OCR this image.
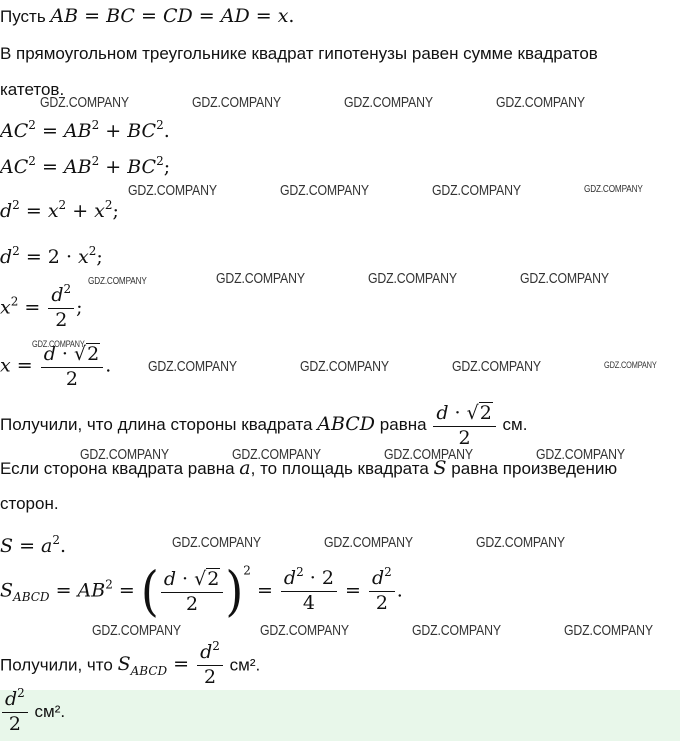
Пусть AB = BC = CD = AD = x.
В прямоугольном треугольнике квадрат гипотенузы равен сумме квадратов
катетов.
$AC^2 = AB^2 + BC^2$.
$AC^2 = AB^2 + BC^2$;
$d^2 = x^2 + x^2$;
$d^2 = 2 \cdot x^2$;
$x^2 = \frac{d^2}{2}$ ;
$x = \frac{d \cdot √2}{2}$ .
Получили, что длина стороны квадрата ABCD равна $\frac{d \cdot √2}{2}$ см.
Если сторона квадрата равна a, то площадь квадрата S равна произведению
сторон.
$S = a^2$.
$S_{ABCD} = AB^2$ = ( $\frac{d \cdot √2}{2} )^2 = \frac{d^2 \cdot 2}{4} = \frac{d^2}{2}$ .
Получили, что $S_{ABCD} = \frac{d^2}{2} см^2$.
$\frac{d^2}{2} см^2$.
GDZ.COMPANY	GDZ.COMPANY	GDZ.COMPANY	GDZ.COMPANY
GDZ.COMPANY	GDZ.COMPANY	GDZ.COMPANY	GDZ.COMPANY
GDZ.COMPANY	GDZ.COMPANY	GDZ.COMPANY	GDZ.COMPANY
GDZ.COMPANY
GDZ.COMPANY	GDZ.COMPANY	GDZ.COMPANY	GDZ.COMPANY
GDZ.COMPANY	GDZ.COMPANY	GDZ.COMPANY	GDZ.COMPANY
GDZ.COMPANY	GDZ.COMPANY	GDZ.COMPANY
GDZ.COMPANY	GDZ.COMPANY	GDZ.COMPANY	GDZ.COMPANY
